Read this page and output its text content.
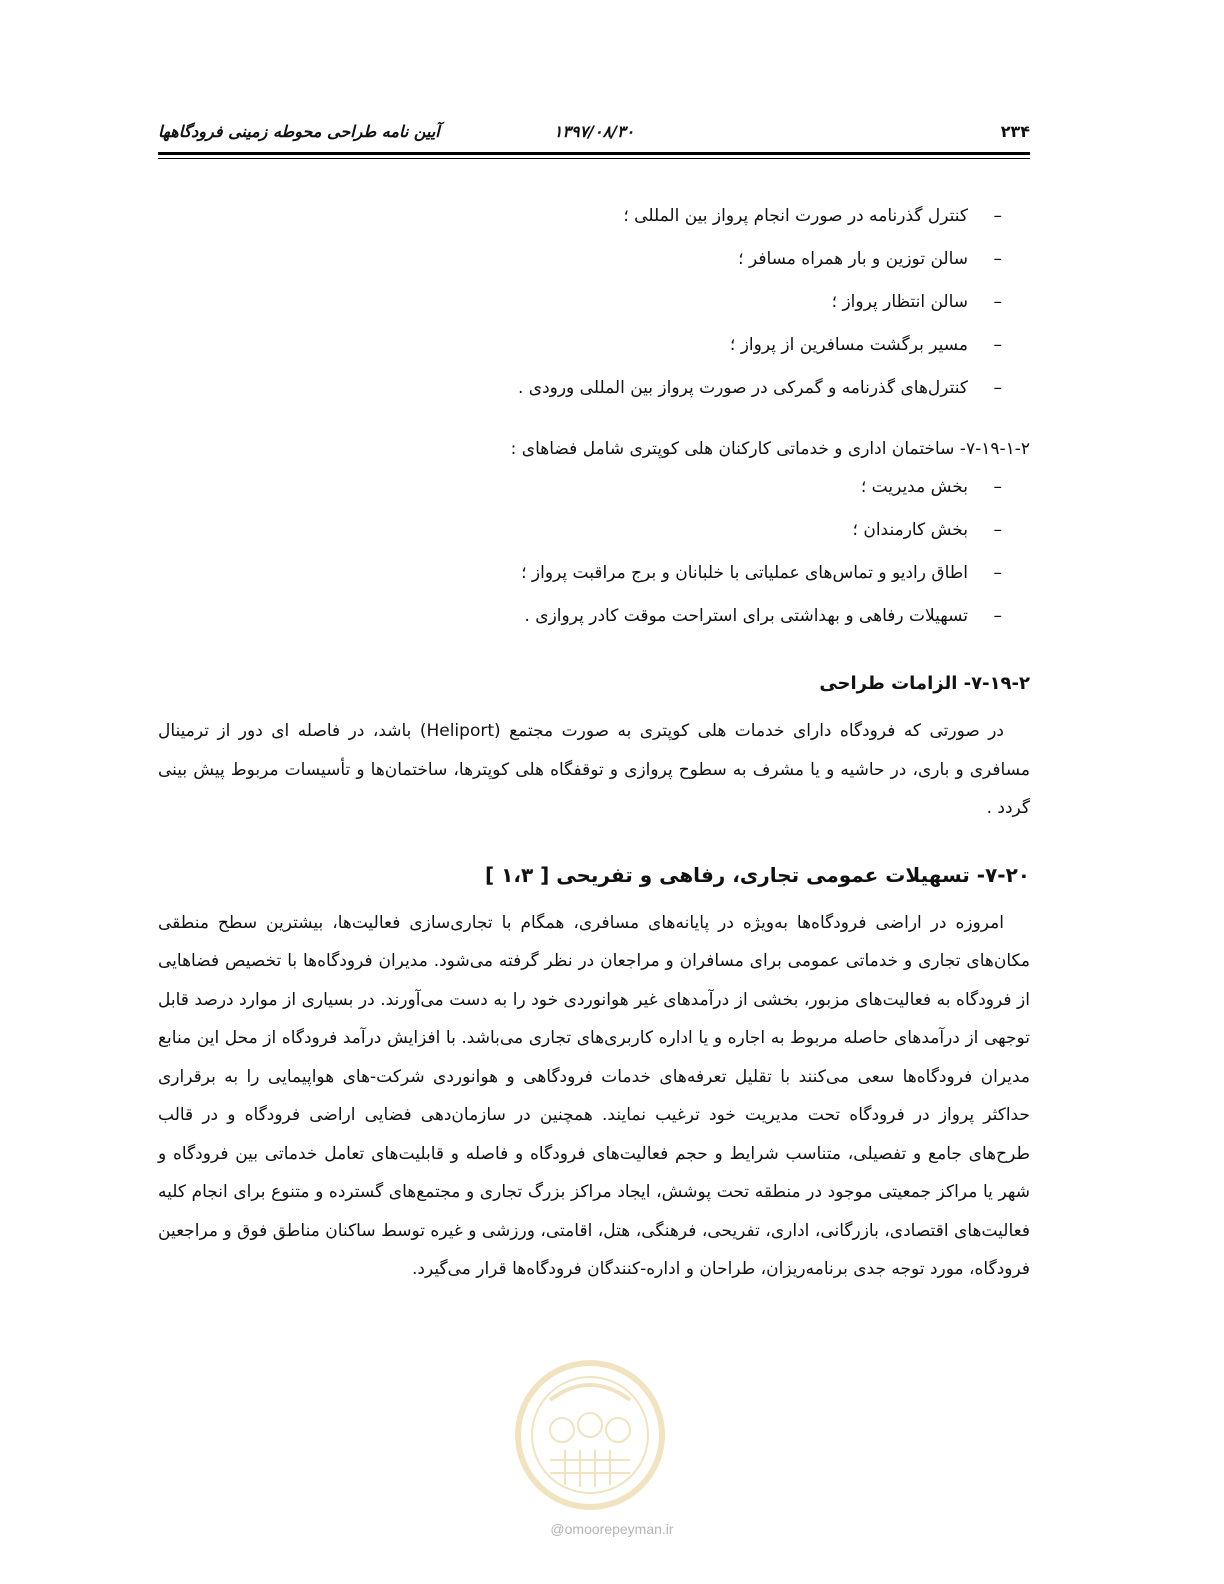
۲۳۴
۱۳۹۷/۰۸/۳۰
آیین نامه طراحی محوطه زمینی فرودگاهها
– کنترل گذرنامه در صورت انجام پرواز بین المللی ؛
– سالن توزین و بار همراه مسافر ؛
– سالن انتظار پرواز ؛
– مسیر برگشت مسافرین از پرواز ؛
– کنترل‌های گذرنامه و گمرکی در صورت پرواز بین المللی ورودی .
۷-۱۹-۱-۲- ساختمان اداری و خدماتی کارکنان هلی کوپتری شامل فضاهای :
– بخش مدیریت ؛
– بخش کارمندان ؛
– اطاق رادیو و تماس‌های عملیاتی با خلبانان و برج مراقبت پرواز ؛
– تسهیلات رفاهی و بهداشتی برای استراحت موقت کادر پروازی .
۷-۱۹-۲- الزامات طراحی

در صورتی که فرودگاه دارای خدمات هلی کوپتری به صورت مجتمع (Heliport) باشد، در فاصله ای دور از ترمینال مسافری و باری، در حاشیه و یا مشرف به سطوح پروازی و توقفگاه هلی کوپترها، ساختمان‌ها و تأسیسات مربوط پیش بینی گردد .

۷-۲۰- تسهیلات عمومی تجاری، رفاهی و تفریحی [ ۱،۳ ]

امروزه در اراضی فرودگاه‌ها به‌ویژه در پایانه‌های مسافری، همگام با تجاری‌سازی فعالیت‌ها، بیشترین سطح منطقی مکان‌های تجاری و خدماتی عمومی برای مسافران و مراجعان در نظر گرفته می‌شود. مدیران فرودگاه‌ها با تخصیص فضاهایی از فرودگاه به فعالیت‌های مزبور، بخشی از درآمدهای غیر هوانوردی خود را به دست می‌آورند. در بسیاری از موارد درصد قابل توجهی از درآمدهای حاصله مربوط به اجاره و یا اداره کاربری‌های تجاری می‌باشد. با افزایش درآمد فرودگاه از محل این منابع مدیران فرودگاه‌ها سعی می‌کنند با تقلیل تعرفه‌های خدمات فرودگاهی و هوانوردی شرکت-های هواپیمایی را به برقراری حداکثر پرواز در فرودگاه تحت مدیریت خود ترغیب نمایند. همچنین در سازمان‌دهی فضایی اراضی فرودگاه و در قالب طرح‌های جامع و تفصیلی، متناسب شرایط و حجم فعالیت‌های فرودگاه و فاصله و قابلیت‌های تعامل خدماتی بین فرودگاه و شهر یا مراکز جمعیتی موجود در منطقه تحت پوشش، ایجاد مراکز بزرگ تجاری و مجتمع‌های گسترده و متنوع برای انجام کلیه فعالیت‌های اقتصادی، بازرگانی، اداری، تفریحی، فرهنگی، هتل، اقامتی، ورزشی و غیره توسط ساکنان مناطق فوق و مراجعین فرودگاه، مورد توجه جدی برنامه‌ریزان، طراحان و اداره-کنندگان فرودگاه‌ها قرار می‌گیرد.

@omoorepeyman.ir
